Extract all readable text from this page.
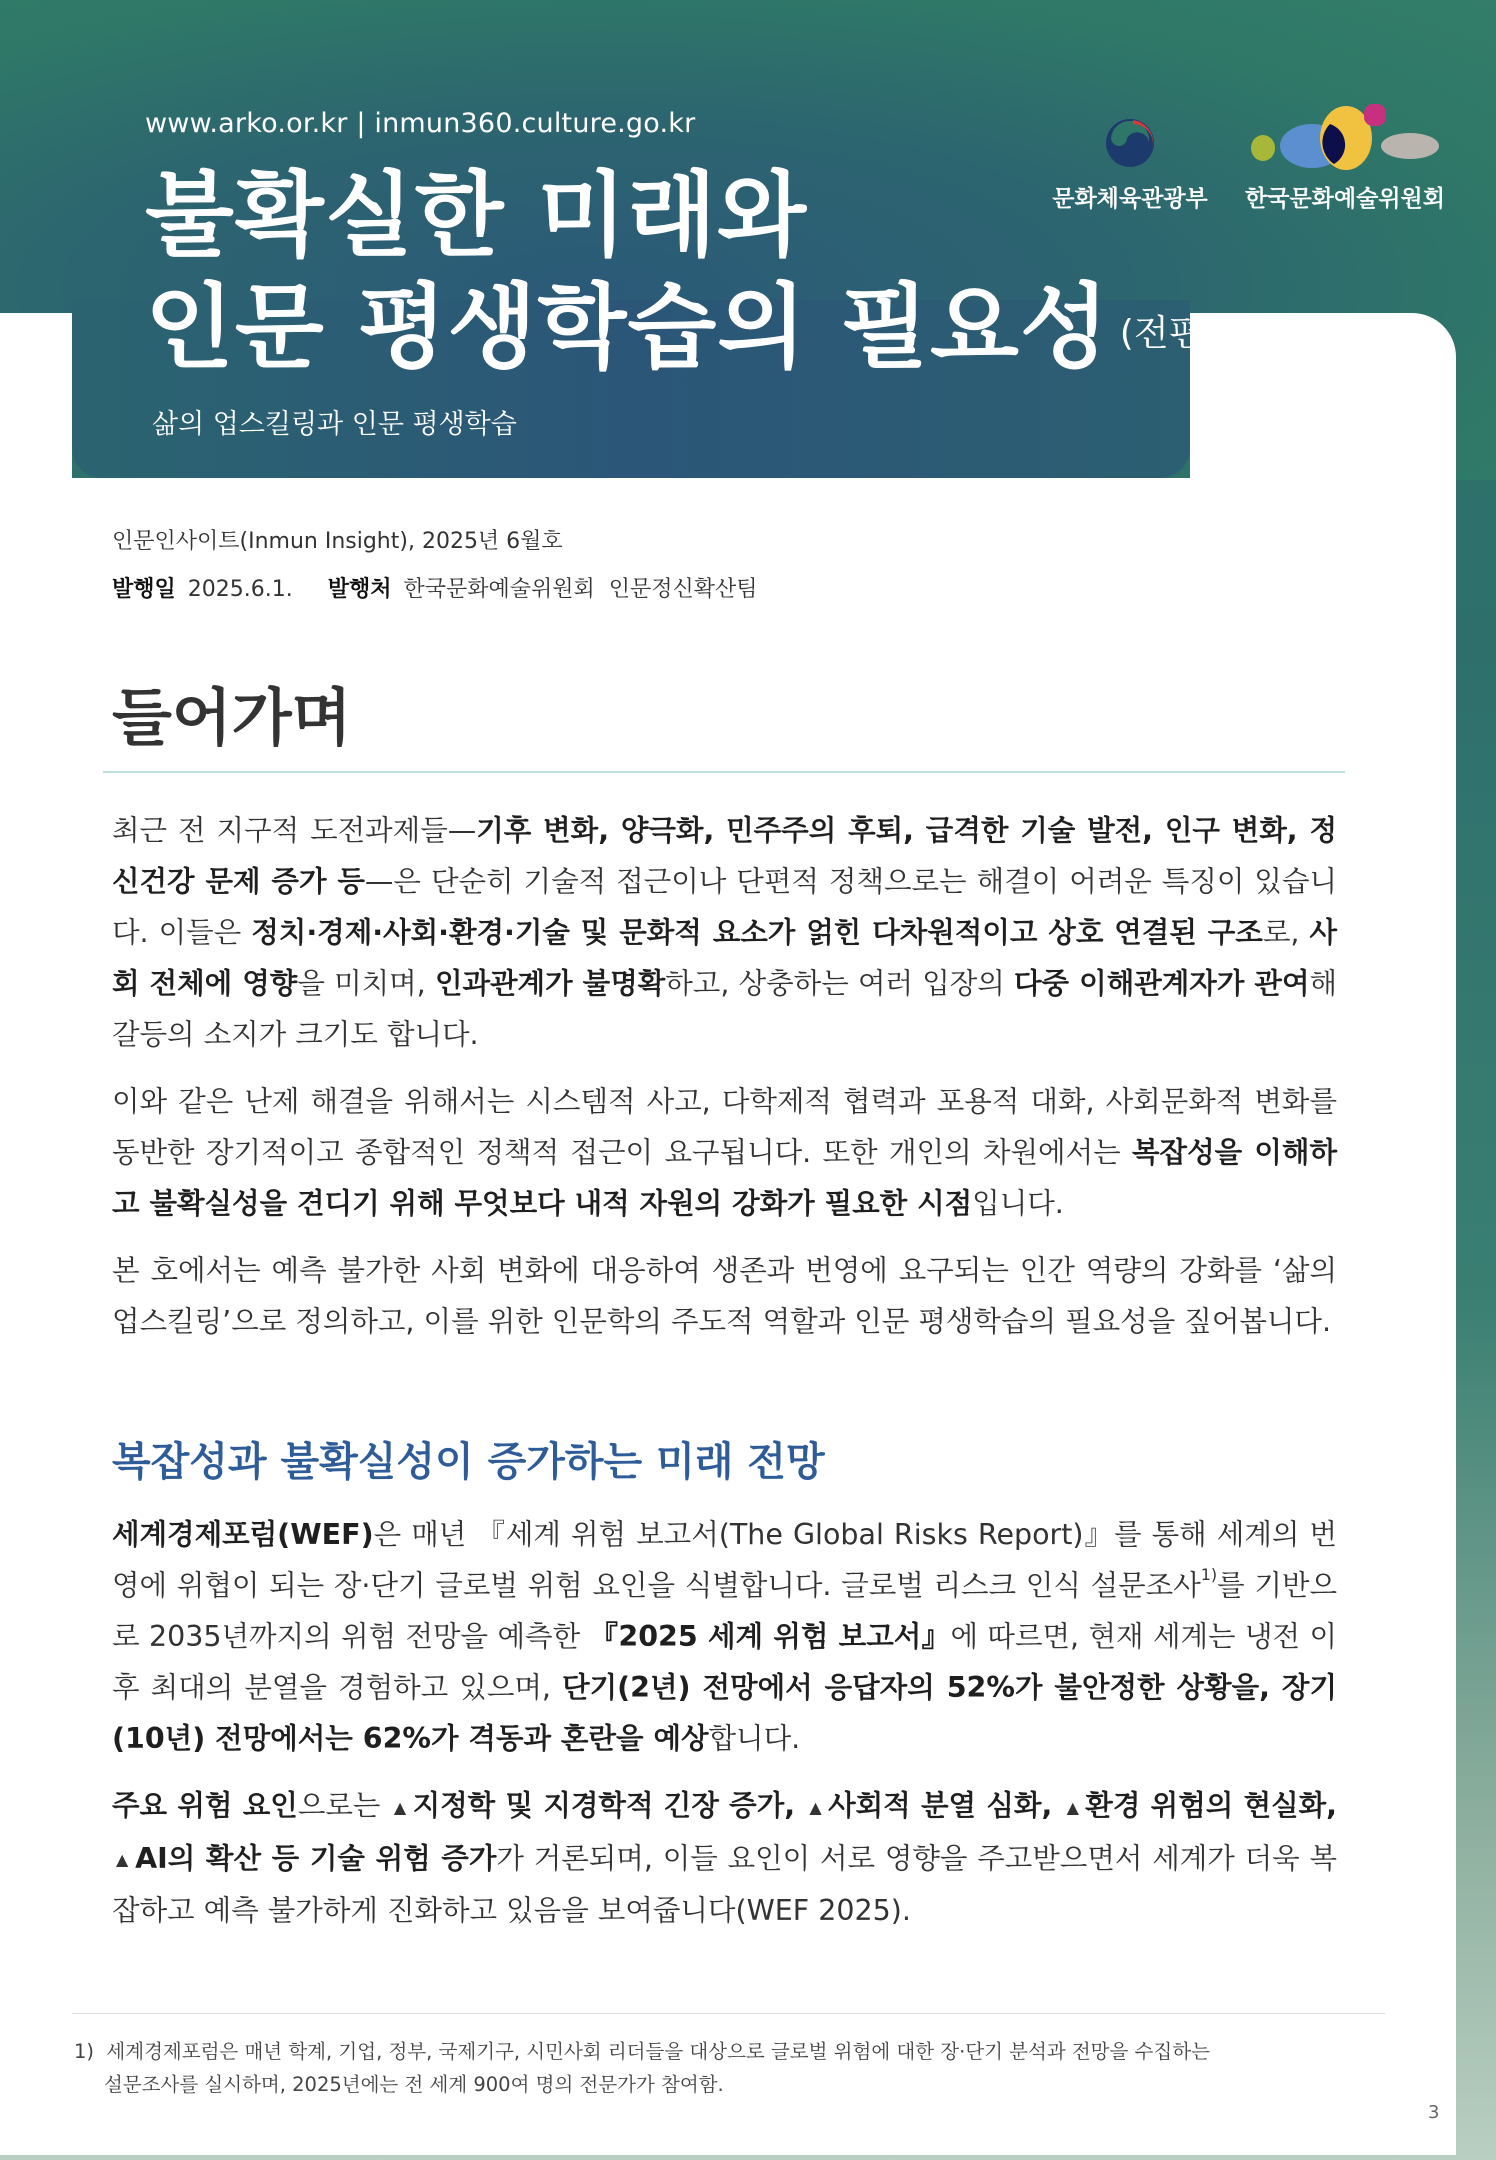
www.arko.or.kr | inmun360.culture.go.kr
불확실한 미래와
인문 평생학습의 필요성 (전편)
삶의 업스킬링과 인문 평생학습
문화체육관광부 한국문화예술위원회
인문인사이트(Inmun Insight), 2025년 6월호
발행일 2025.6.1. 발행처 한국문화예술위원회  인문정신확산팀
들어가며

최근 전 지구적 도전과제들—기후 변화, 양극화, 민주주의 후퇴, 급격한 기술 발전, 인구 변화, 정신건강 문제 증가 등—은 단순히 기술적 접근이나 단편적 정책으로는 해결이 어려운 특징이 있습니다. 이들은 정치·경제·사회·환경·기술 및 문화적 요소가 얽힌 다차원적이고 상호 연결된 구조로, 사회 전체에 영향을 미치며, 인과관계가 불명확하고, 상충하는 여러 입장의 다중 이해관계자가 관여해 갈등의 소지가 크기도 합니다.

이와 같은 난제 해결을 위해서는 시스템적 사고, 다학제적 협력과 포용적 대화, 사회문화적 변화를 동반한 장기적이고 종합적인 정책적 접근이 요구됩니다. 또한 개인의 차원에서는 복잡성을 이해하고 불확실성을 견디기 위해 무엇보다 내적 자원의 강화가 필요한 시점입니다.

본 호에서는 예측 불가한 사회 변화에 대응하여 생존과 번영에 요구되는 인간 역량의 강화를 ‘삶의 업스킬링’으로 정의하고, 이를 위한 인문학의 주도적 역할과 인문 평생학습의 필요성을 짚어봅니다.

복잡성과 불확실성이 증가하는 미래 전망

세계경제포럼(WEF)은 매년 『세계 위험 보고서(The Global Risks Report)』를 통해 세계의 번영에 위협이 되는 장·단기 글로벌 위험 요인을 식별합니다. 글로벌 리스크 인식 설문조사$^{1)}$를 기반으로 2035년까지의 위험 전망을 예측한 『2025 세계 위험 보고서』에 따르면, 현재 세계는 냉전 이후 최대의 분열을 경험하고 있으며, 단기(2년) 전망에서 응답자의 52%가 불안정한 상황을, 장기(10년) 전망에서는 62%가 격동과 혼란을 예상합니다.

주요 위험 요인으로는 ▲ 지정학 및 지경학적 긴장 증가, ▲ 사회적 분열 심화, ▲ 환경 위험의 현실화, ▲ AI의 확산 등 기술 위험 증가가 거론되며, 이들 요인이 서로 영향을 주고받으면서 세계가 더욱 복잡하고 예측 불가하게 진화하고 있음을 보여줍니다(WEF 2025).

1)  세계경제포럼은 매년 학계, 기업, 정부, 국제기구, 시민사회 리더들을 대상으로 글로벌 위험에 대한 장·단기 분석과 전망을 수집하는
설문조사를 실시하며, 2025년에는 전 세계 900여 명의 전문가가 참여함.
3
